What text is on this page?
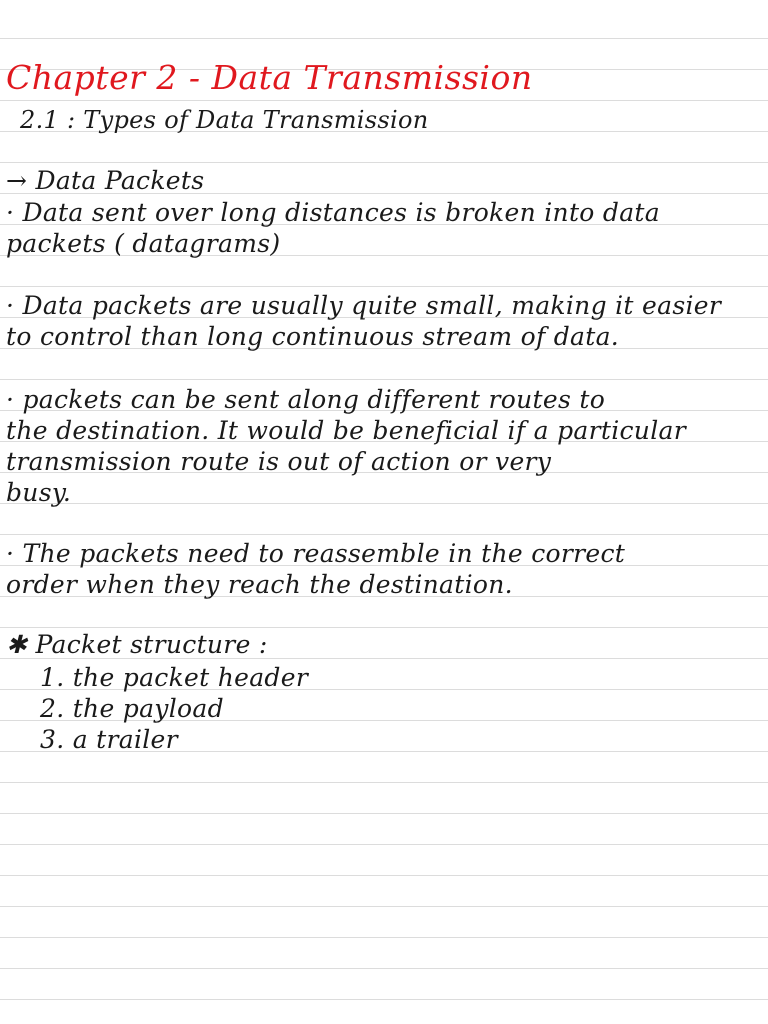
Chapter 2 - Data Transmission
2.1 : Types of Data Transmission
→ Data Packets
· Data sent over long distances is broken into data
packets ( datagrams)
· Data packets are usually quite small, making it easier
to control than long continuous stream of data.
· packets can be sent along different routes to
the destination. It would be beneficial if a particular
transmission route is out of action or very
busy.
· The packets need to reassemble in the correct
order when they reach the destination.
✱ Packet structure :
1. the packet header
2. the payload
3. a trailer
